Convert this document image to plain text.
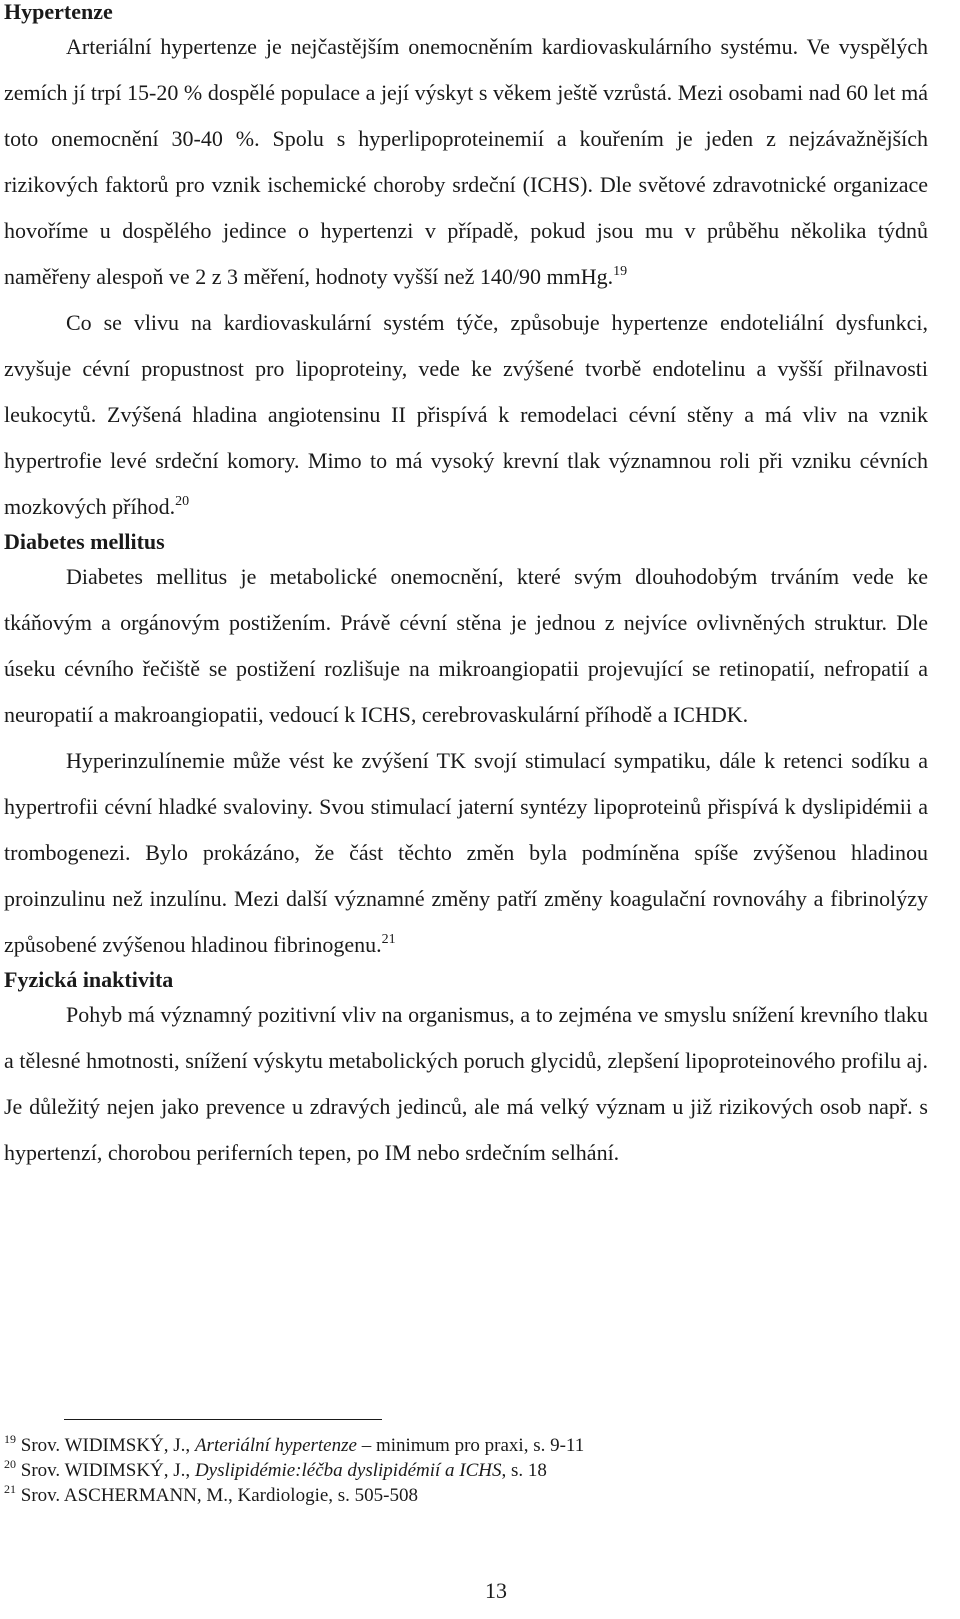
Hypertenze

Arteriální hypertenze je nejčastějším onemocněním kardiovaskulárního systému. Ve vyspělých zemích jí trpí 15-20 % dospělé populace a její výskyt s věkem ještě vzrůstá. Mezi osobami nad 60 let má toto onemocnění 30-40 %. Spolu s hyperlipoproteinemií a kouřením je jeden z nejzávažnějších rizikových faktorů pro vznik ischemické choroby srdeční (ICHS). Dle světové zdravotnické organizace hovoříme u dospělého jedince o hypertenzi v případě, pokud jsou mu v průběhu několika týdnů naměřeny alespoň ve 2 z 3 měření, hodnoty vyšší než 140/90 mmHg.$^{19}$

Co se vlivu na kardiovaskulární systém týče, způsobuje hypertenze endoteliální dysfunkci, zvyšuje cévní propustnost pro lipoproteiny, vede ke zvýšené tvorbě endotelinu a vyšší přilnavosti leukocytů. Zvýšená hladina angiotensinu II přispívá k remodelaci cévní stěny a má vliv na vznik hypertrofie levé srdeční komory. Mimo to má vysoký krevní tlak významnou roli při vzniku cévních mozkových příhod.$^{20}$

Diabetes mellitus

Diabetes mellitus je metabolické onemocnění, které svým dlouhodobým trváním vede ke tkáňovým a orgánovým postižením. Právě cévní stěna je jednou z nejvíce ovlivněných struktur. Dle úseku cévního řečiště se postižení rozlišuje na mikroangiopatii projevující se retinopatií, nefropatií a neuropatií a makroangiopatii, vedoucí k ICHS, cerebrovaskulární příhodě a ICHDK.

Hyperinzulínemie může vést ke zvýšení TK svojí stimulací sympatiku, dále k retenci sodíku a hypertrofii cévní hladké svaloviny. Svou stimulací jaterní syntézy lipoproteinů přispívá k dyslipidémii a trombogenezi. Bylo prokázáno, že část těchto změn byla podmíněna spíše zvýšenou hladinou proinzulinu než inzulínu. Mezi další významné změny patří změny koagulační rovnováhy a fibrinolýzy způsobené zvýšenou hladinou fibrinogenu.$^{21}$

Fyzická inaktivita

Pohyb má významný pozitivní vliv na organismus, a to zejména ve smyslu snížení krevního tlaku a tělesné hmotnosti, snížení výskytu metabolických poruch glycidů, zlepšení lipoproteinového profilu aj. Je důležitý nejen jako prevence u zdravých jedinců, ale má velký význam u již rizikových osob např. s hypertenzí, chorobou periferních tepen, po IM nebo srdečním selhání.

$^{19}$ Srov. WIDIMSKÝ, J., Arteriální hypertenze – minimum pro praxi, s. 9-11

$^{20}$ Srov. WIDIMSKÝ, J., Dyslipidémie:léčba dyslipidémií a ICHS, s. 18

$^{21}$ Srov. ASCHERMANN, M., Kardiologie, s. 505-508

13
